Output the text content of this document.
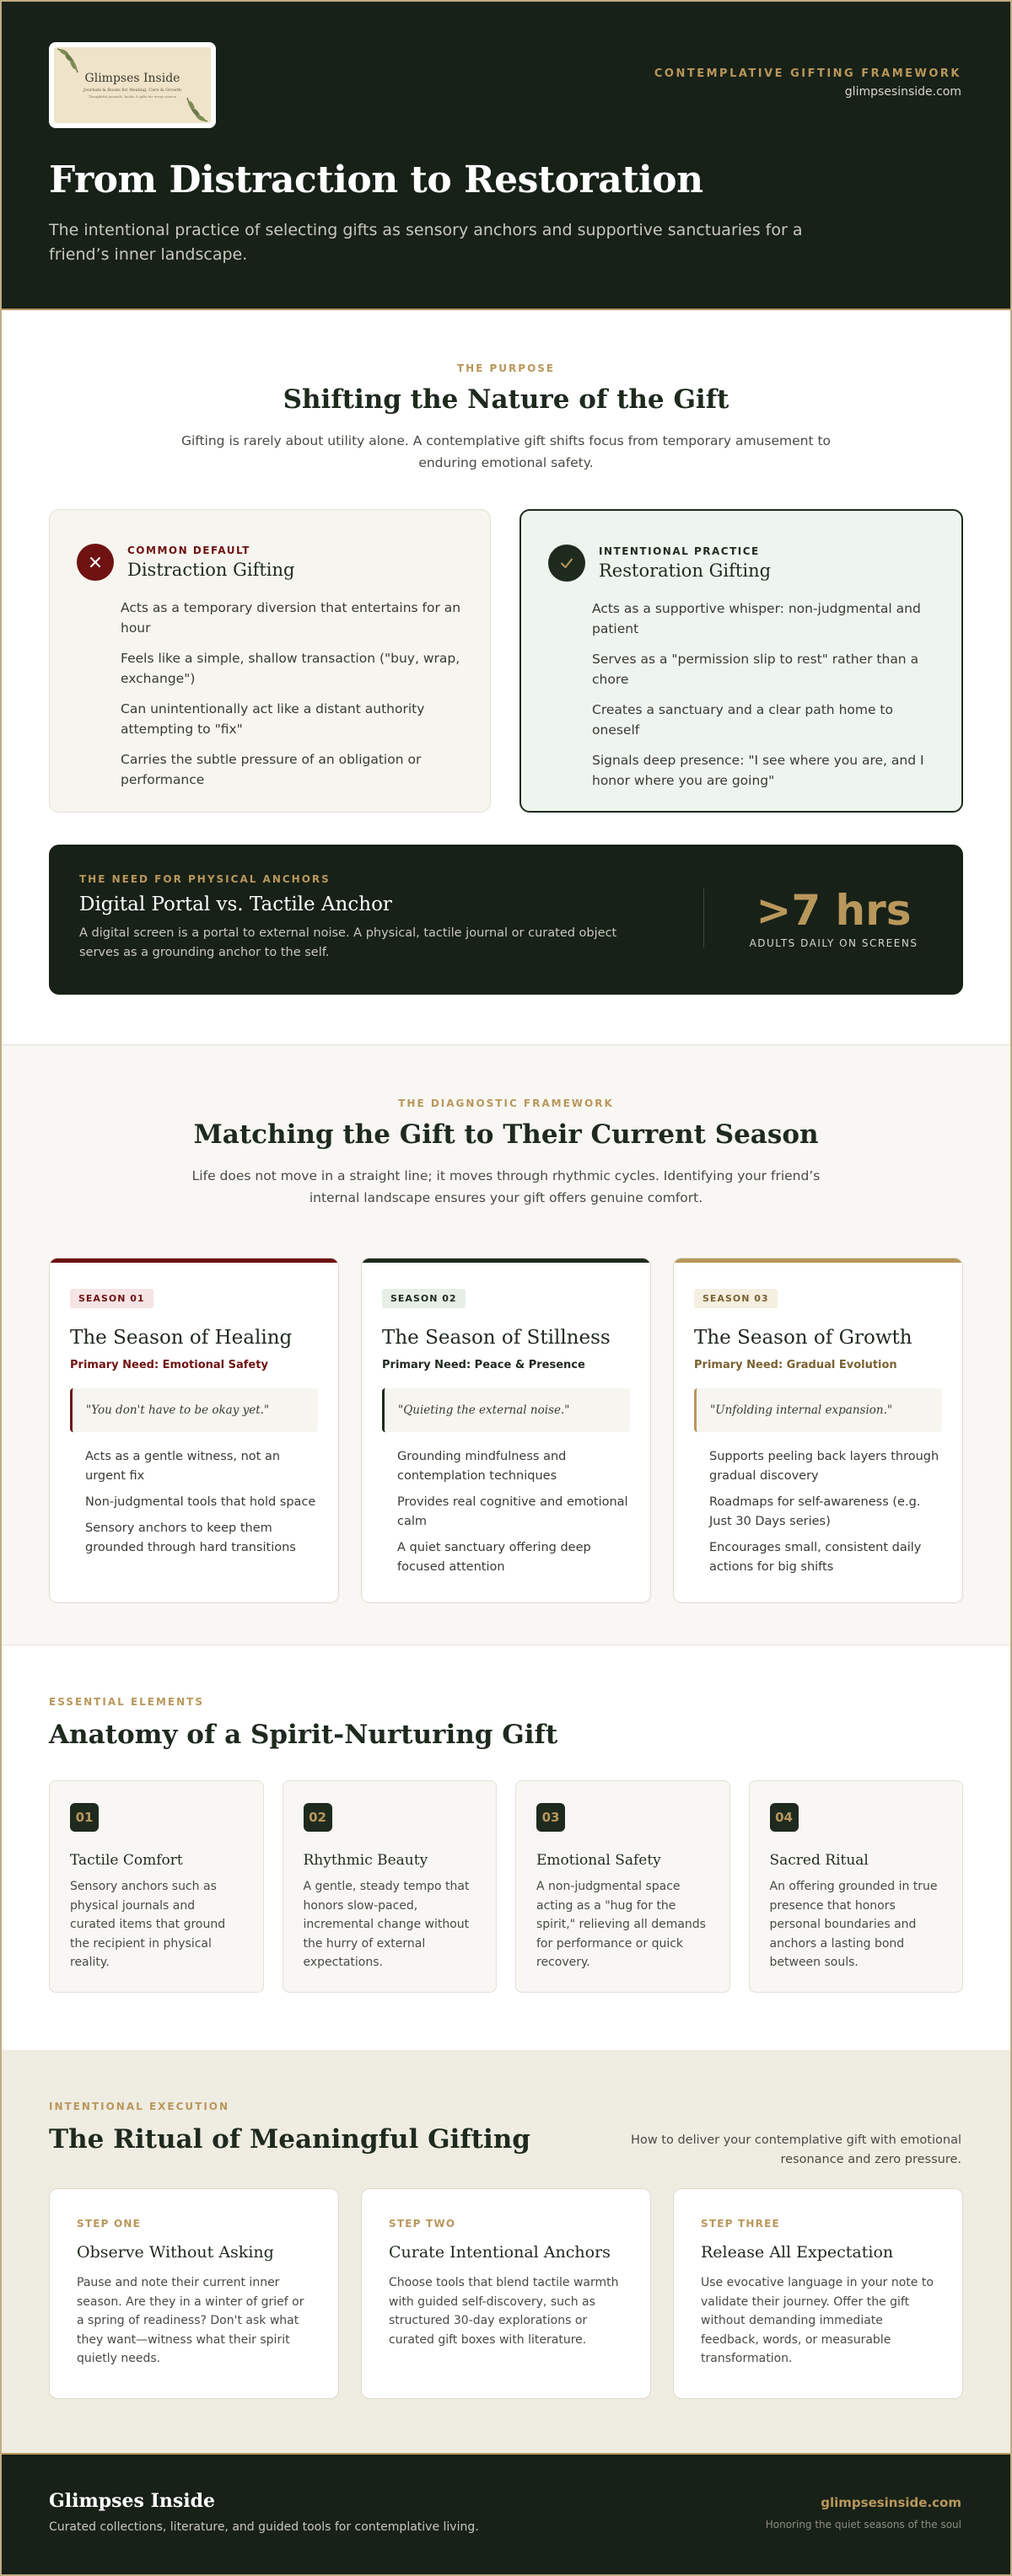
Glimpses Inside
Journals & Books for Healing, Care & Growth
Thoughtful journals, books & gifts for every season
CONTEMPLATIVE GIFTING FRAMEWORK
glimpsesinside.com
From Distraction to Restoration

The intentional practice of selecting gifts as sensory anchors and supportive sanctuaries for a friend’s inner landscape.

THE PURPOSE
Shifting the Nature of the Gift

Gifting is rarely about utility alone. A contemplative gift shifts focus from temporary amusement to enduring emotional safety.

COMMON DEFAULT
Distraction Gifting
Acts as a temporary diversion that entertains for an hour
Feels like a simple, shallow transaction ("buy, wrap, exchange")
Can unintentionally act like a distant authority attempting to "fix"
Carries the subtle pressure of an obligation or performance
INTENTIONAL PRACTICE
Restoration Gifting
Acts as a supportive whisper: non-judgmental and patient
Serves as a "permission slip to rest" rather than a chore
Creates a sanctuary and a clear path home to oneself
Signals deep presence: "I see where you are, and I honor where you are going"
THE NEED FOR PHYSICAL ANCHORS
Digital Portal vs. Tactile Anchor

A digital screen is a portal to external noise. A physical, tactile journal or curated object serves as a grounding anchor to the self.

>7 hrs
ADULTS DAILY ON SCREENS
THE DIAGNOSTIC FRAMEWORK
Matching the Gift to Their Current Season

Life does not move in a straight line; it moves through rhythmic cycles. Identifying your friend’s internal landscape ensures your gift offers genuine comfort.

SEASON 01
The Season of Healing
Primary Need: Emotional Safety
"You don't have to be okay yet."
Acts as a gentle witness, not an urgent fix
Non-judgmental tools that hold space
Sensory anchors to keep them grounded through hard transitions
SEASON 02
The Season of Stillness
Primary Need: Peace & Presence
"Quieting the external noise."
Grounding mindfulness and contemplation techniques
Provides real cognitive and emotional calm
A quiet sanctuary offering deep focused attention
SEASON 03
The Season of Growth
Primary Need: Gradual Evolution
"Unfolding internal expansion."
Supports peeling back layers through gradual discovery
Roadmaps for self-awareness (e.g. Just 30 Days series)
Encourages small, consistent daily actions for big shifts
ESSENTIAL ELEMENTS
Anatomy of a Spirit-Nurturing Gift
01
Tactile Comfort

Sensory anchors such as physical journals and curated items that ground the recipient in physical reality.

02
Rhythmic Beauty

A gentle, steady tempo that honors slow-paced, incremental change without the hurry of external expectations.

03
Emotional Safety

A non-judgmental space acting as a "hug for the spirit," relieving all demands for performance or quick recovery.

04
Sacred Ritual

An offering grounded in true presence that honors personal boundaries and anchors a lasting bond between souls.

INTENTIONAL EXECUTION
The Ritual of Meaningful Gifting	How to deliver your contemplative gift with emotional resonance and zero pressure.

STEP ONE
Observe Without Asking

Pause and note their current inner season. Are they in a winter of grief or a spring of readiness? Don't ask what they want—witness what their spirit quietly needs.

STEP TWO
Curate Intentional Anchors

Choose tools that blend tactile warmth with guided self-discovery, such as structured 30-day explorations or curated gift boxes with literature.

STEP THREE
Release All Expectation

Use evocative language in your note to validate their journey. Offer the gift without demanding immediate feedback, words, or measurable transformation.

Glimpses Inside
Curated collections, literature, and guided tools for contemplative living.
glimpsesinside.com
Honoring the quiet seasons of the soul
